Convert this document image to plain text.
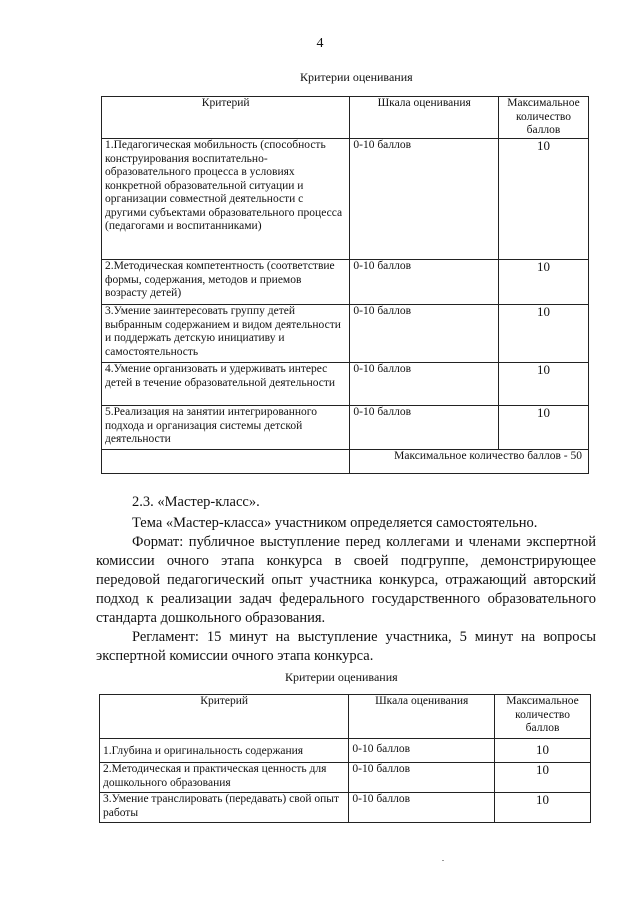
4
Критерии оценивания
Критерий	Шкала оценивания	Максимальное количество баллов
1.Педагогическая мобильность (способность конструирования воспитательно-образовательного процесса в условиях конкретной образовательной ситуации и организации совместной деятельности с другими субъектами образовательного процесса (педагогами и воспитанниками)	0-10 баллов	10
2.Методическая компетентность (соответствие формы, содержания, методов и приемов возрасту детей)	0-10 баллов	10
3.Умение заинтересовать группу детей выбранным содержанием и видом деятельности и поддержать детскую инициативу и самостоятельность	0-10 баллов	10
4.Умение организовать и удерживать интерес детей в течение образовательной деятельности	0-10 баллов	10
5.Реализация на занятии интегрированного подхода и организация системы детской деятельности	0-10 баллов	10
	Максимальное количество баллов - 50	
2.3. «Мастер-класс».
Тема «Мастер-класса» участником определяется самостоятельно.
Формат: публичное выступление перед коллегами и членами экспертной комиссии очного этапа конкурса в своей подгруппе, демонстрирующее передовой педагогический опыт участника конкурса, отражающий авторский подход к реализации задач федерального государственного образовательного стандарта дошкольного образования.
Регламент: 15 минут на выступление участника, 5 минут на вопросы экспертной комиссии очного этапа конкурса.
Критерии оценивания
Критерий	Шкала оценивания	Максимальное количество баллов
1.Глубина и оригинальность содержания	0-10 баллов	10
2.Методическая и практическая ценность для дошкольного образования	0-10 баллов	10
3.Умение транслировать (передавать) свой опыт работы	0-10 баллов	10
